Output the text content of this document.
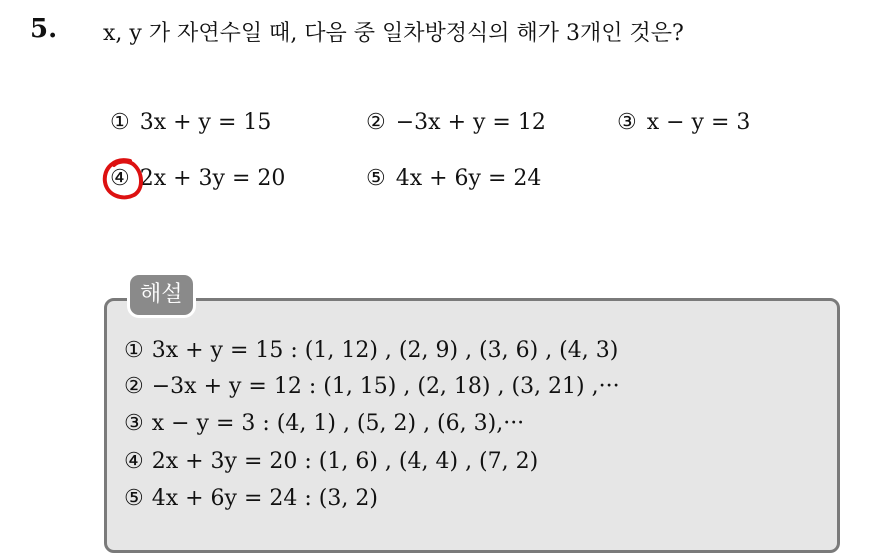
5. x, y 가 자연수일 때, 다음 중 일차방정식의 해가 3개인 것은?
① 3x + y = 15	② −3x + y = 12	③ x − y = 3
④ 2x + 3y = 20	⑤ 4x + 6y = 24
해설
① 3x + y = 15 : (1, 12) , (2, 9) , (3, 6) , (4, 3)
② −3x + y = 12 : (1, 15) , (2, 18) , (3, 21) ,···
③ x − y = 3 : (4, 1) , (5, 2) , (6, 3),···
④ 2x + 3y = 20 : (1, 6) , (4, 4) , (7, 2)
⑤ 4x + 6y = 24 : (3, 2)
